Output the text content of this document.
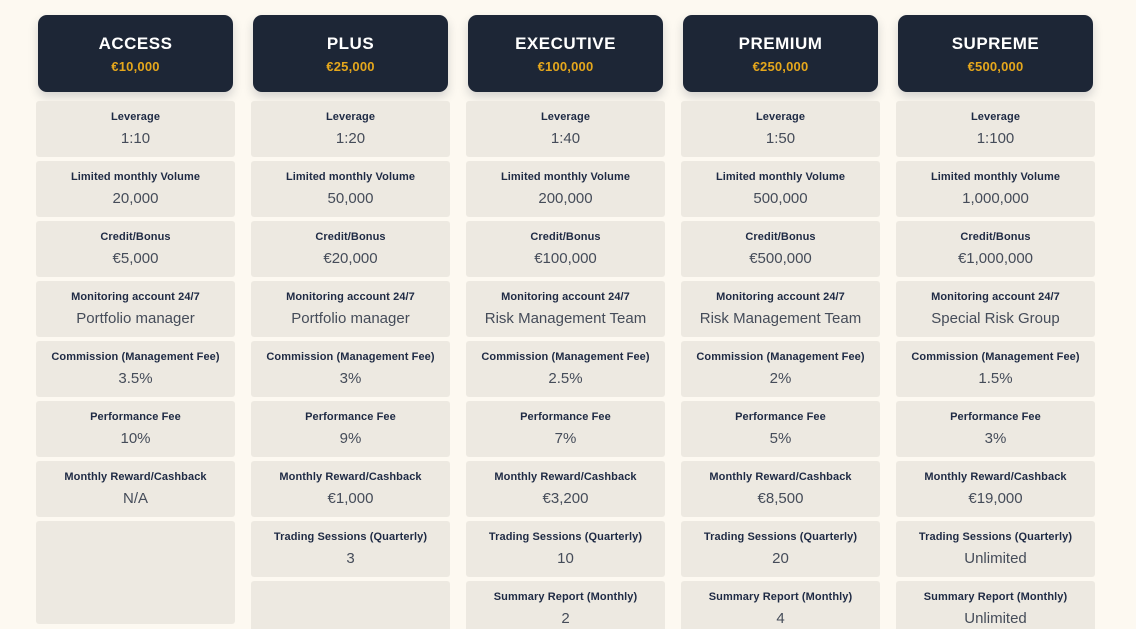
ACCESS
€10,000
Leverage
1:10
Limited monthly Volume
20,000
Credit/Bonus
€5,000
Monitoring account 24/7
Portfolio manager
Commission (Management Fee)
3.5%
Performance Fee
10%
Monthly Reward/Cashback
N/A
PLUS
€25,000
Leverage
1:20
Limited monthly Volume
50,000
Credit/Bonus
€20,000
Monitoring account 24/7
Portfolio manager
Commission (Management Fee)
3%
Performance Fee
9%
Monthly Reward/Cashback
€1,000
Trading Sessions (Quarterly)
3
EXECUTIVE
€100,000
Leverage
1:40
Limited monthly Volume
200,000
Credit/Bonus
€100,000
Monitoring account 24/7
Risk Management Team
Commission (Management Fee)
2.5%
Performance Fee
7%
Monthly Reward/Cashback
€3,200
Trading Sessions (Quarterly)
10
Summary Report (Monthly)
2
PREMIUM
€250,000
Leverage
1:50
Limited monthly Volume
500,000
Credit/Bonus
€500,000
Monitoring account 24/7
Risk Management Team
Commission (Management Fee)
2%
Performance Fee
5%
Monthly Reward/Cashback
€8,500
Trading Sessions (Quarterly)
20
Summary Report (Monthly)
4
SUPREME
€500,000
Leverage
1:100
Limited monthly Volume
1,000,000
Credit/Bonus
€1,000,000
Monitoring account 24/7
Special Risk Group
Commission (Management Fee)
1.5%
Performance Fee
3%
Monthly Reward/Cashback
€19,000
Trading Sessions (Quarterly)
Unlimited
Summary Report (Monthly)
Unlimited
